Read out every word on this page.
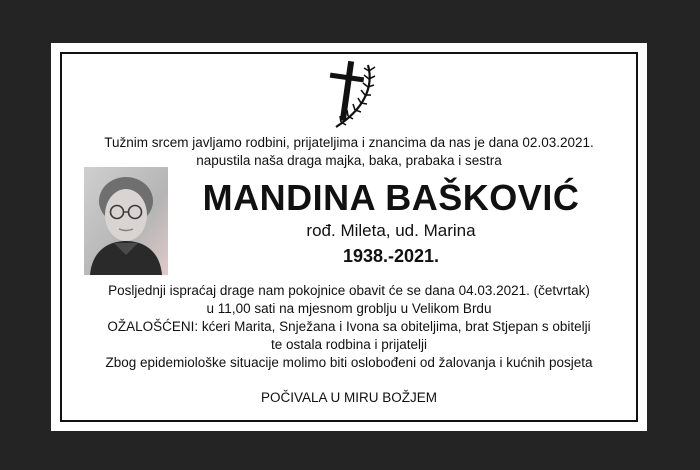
Tužnim srcem javljamo rodbini, prijateljima i znancima da nas je dana 02.03.2021.
napustila naša draga majka, baka, prabaka i sestra
MANDINA BAŠKOVIĆ
rođ. Mileta, ud. Marina
1938.-2021.
Posljednji ispraćaj drage nam pokojnice obavit će se dana 04.03.2021. (četvrtak)
u 11,00 sati na mjesnom groblju u Velikom Brdu
OŽALOŠĆENI: kćeri Marita, Snježana i Ivona sa obiteljima, brat Stjepan s obitelji
te ostala rodbina i prijatelji
Zbog epidemiološke situacije molimo biti oslobođeni od žalovanja i kućnih posjeta
POČIVALA U MIRU BOŽJEM
